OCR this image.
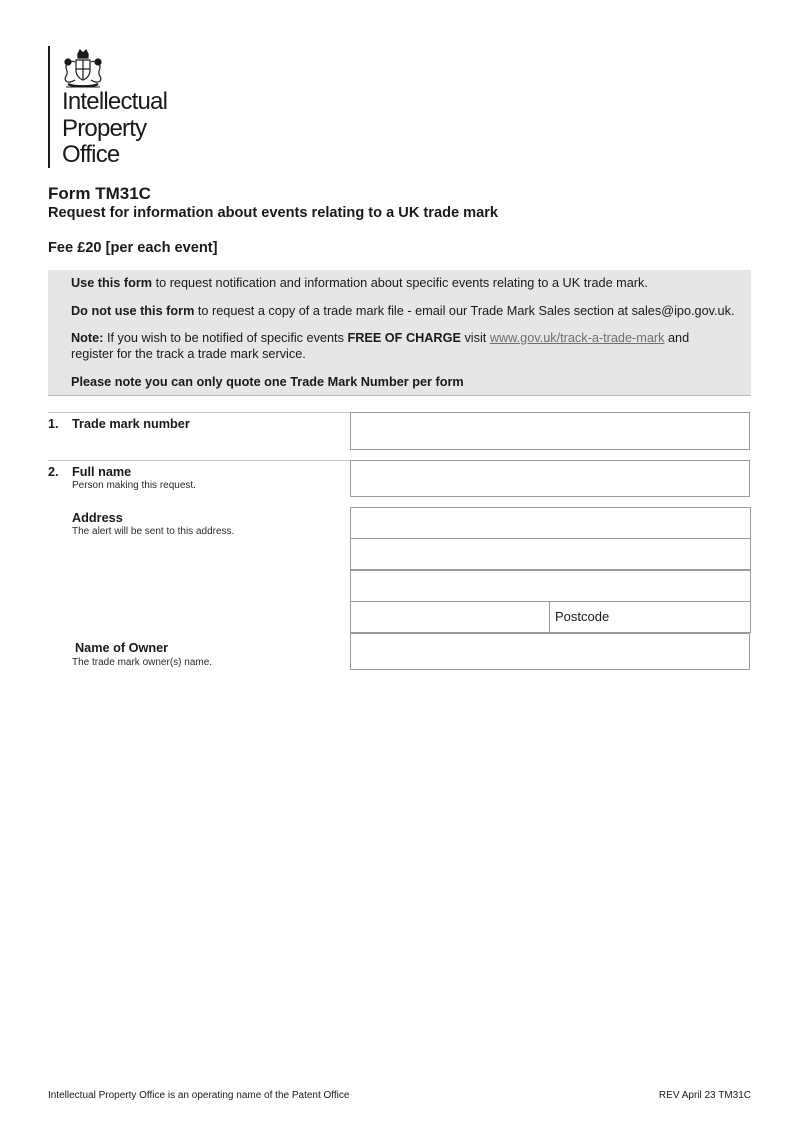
Intellectual
Property
Office
Form TM31C
Request for information about events relating to a UK trade mark
Fee £20 [per each event]

Use this form to request notification and information about specific events relating to a UK trade mark.

Do not use this form to request a copy of a trade mark file - email our Trade Mark Sales section at sales@ipo.gov.uk.

Note: If you wish to be notified of specific events FREE OF CHARGE visit www.gov.uk/track-a-trade-mark and

register for the track a trade mark service.

Please note you can only quote one Trade Mark Number per form

1. Trade mark number
2. Full name
Person making this request.
Address
The alert will be sent to this address.
Postcode
Name of Owner
The trade mark owner(s) name.
Intellectual Property Office is an operating name of the Patent Office	REV April 23 TM31C
